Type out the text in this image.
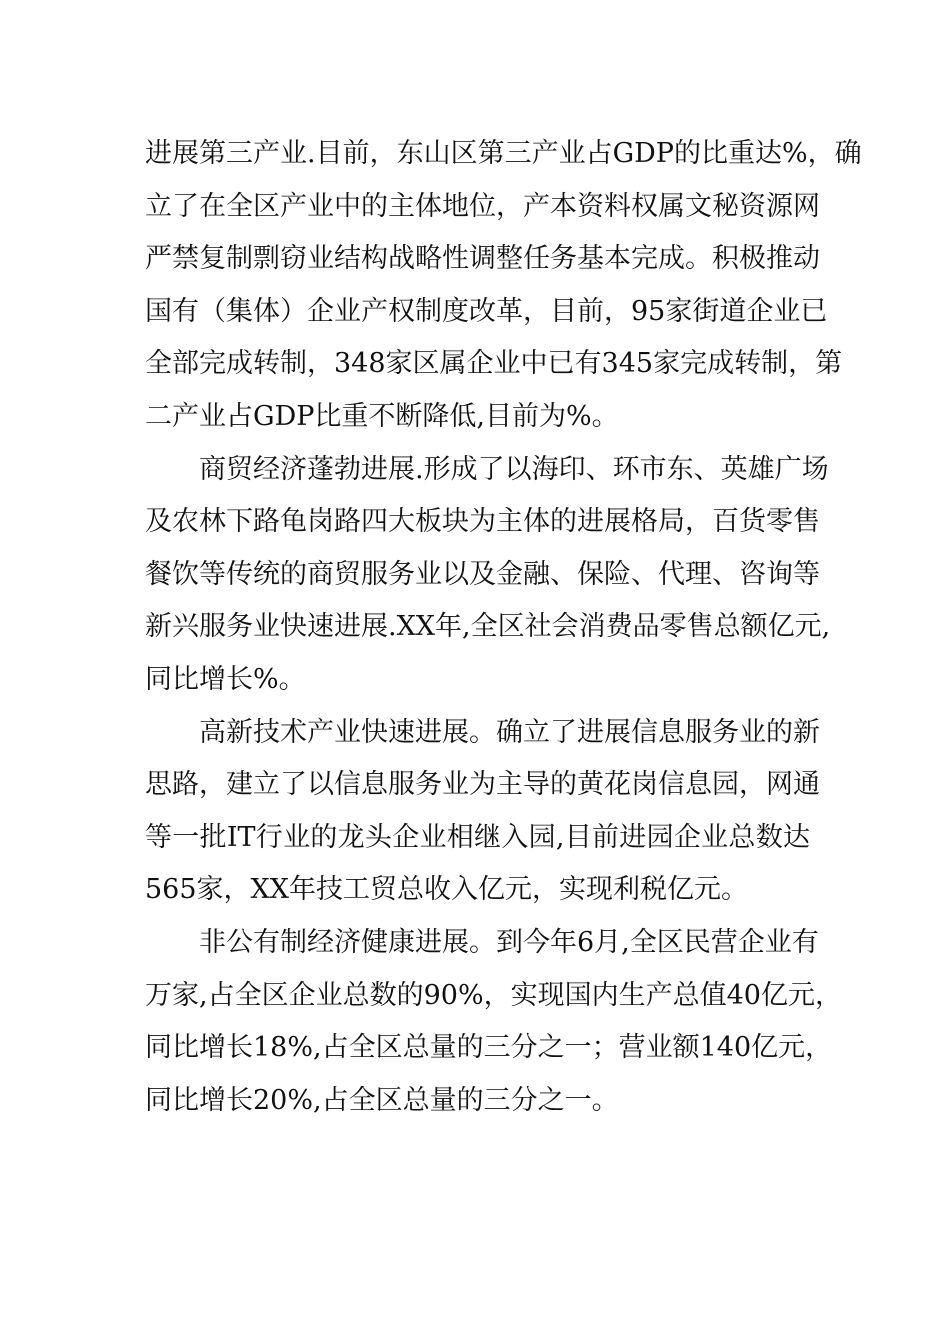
进展第三产业.目前，东山区第三产业占GDP的比重达%，确
立了在全区产业中的主体地位，产本资料权属文秘资源网
严禁复制剽窃业结构战略性调整任务基本完成。积极推动
国有（集体）企业产权制度改革，目前，95家街道企业已
全部完成转制，348家区属企业中已有345家完成转制，第
二产业占GDP比重不断降低,目前为%。
商贸经济蓬勃进展.形成了以海印、环市东、英雄广场
及农林下路龟岗路四大板块为主体的进展格局，百货零售
餐饮等传统的商贸服务业以及金融、保险、代理、咨询等
新兴服务业快速进展.XX年,全区社会消费品零售总额亿元,
同比增长%。
高新技术产业快速进展。确立了进展信息服务业的新
思路，建立了以信息服务业为主导的黄花岗信息园，网通
等一批IT行业的龙头企业相继入园,目前进园企业总数达
565家，XX年技工贸总收入亿元，实现利税亿元。
非公有制经济健康进展。到今年6月,全区民营企业有
万家,占全区企业总数的90%，实现国内生产总值40亿元，
同比增长18%,占全区总量的三分之一；营业额140亿元，
同比增长20%,占全区总量的三分之一。
